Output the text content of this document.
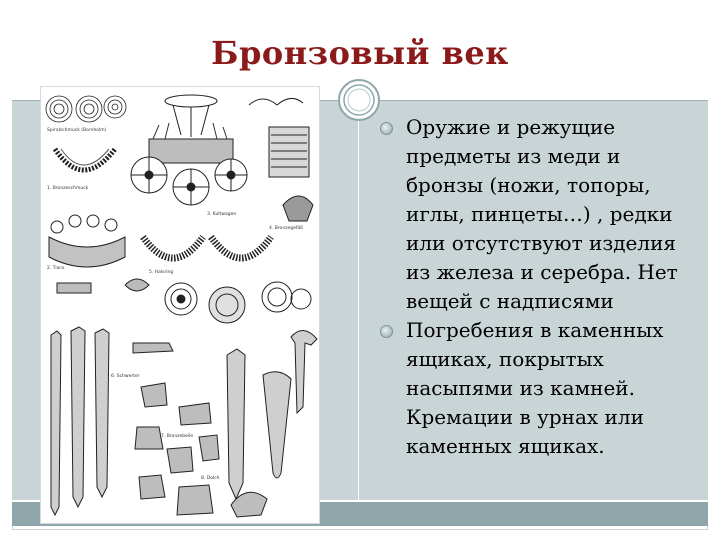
Бронзовый век
Spiralschmuck (Bornholm)
1. Bronzeschmuck
2. Tiara
3. Kultwagen
4. Bronzegefäß
5. Halsring
6. Schwerter
7. Bronzebeile
8. Dolch
Оружие и режущие предметы из меди и бронзы (ножи, топоры, иглы, пинцеты…) , редки или отсутствуют изделия из железа и серебра. Нет вещей с надписями
Погребения в каменных ящиках, покрытых насыпями из камней. Кремации в урнах или каменных ящиках.
